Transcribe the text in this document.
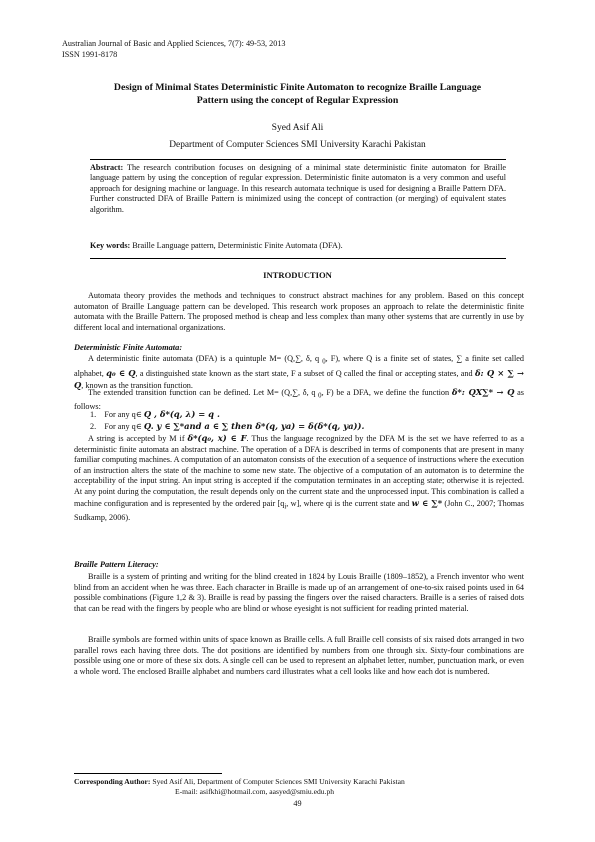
Australian Journal of Basic and Applied Sciences, 7(7): 49-53, 2013
ISSN 1991-8178
Design of Minimal States Deterministic Finite Automaton to recognize Braille Language
Pattern using the concept of Regular Expression
Syed Asif Ali
Department of Computer Sciences SMI University Karachi Pakistan
Abstract: The research contribution focuses on designing of a minimal state deterministic finite automaton for Braille language pattern by using the conception of regular expression. Deterministic finite automaton is a very common and useful approach for designing machine or language. In this research automata technique is used for designing a Braille Pattern DFA. Further constructed DFA of Braille Pattern is minimized using the concept of contraction (or merging) of equivalent states algorithm.
Key words: Braille Language pattern, Deterministic Finite Automata (DFA).
INTRODUCTION
Automata theory provides the methods and techniques to construct abstract machines for any problem. Based on this concept automaton of Braille Language pattern can be developed. This research work proposes an approach to relate the deterministic finite automata with the Braille Pattern. The proposed method is cheap and less complex than many other systems that are currently in use by different local and international organizations.
Deterministic Finite Automata:
A deterministic finite automata (DFA) is a quintuple M= (Q,∑, δ, q $_0$, F), where Q is a finite set of states, ∑ a finite set called alphabet, q₀ ∈ Q, a distinguished state known as the start state, F a subset of Q called the final or accepting states, and δ: Q × ∑ → Q, known as the transition function.
The extended transition function can be defined. Let M= (Q,∑, δ, q $_0$, F) be a DFA, we define the function δ*: QX∑* → Q as follows:
1. For any q∈ Q , δ*(q, λ) = q .
2. For any q∈ Q. y ∈ ∑*and a ∈ ∑ then δ*(q, ya) = δ(δ*(q, ya)).
A string is accepted by M if δ*(q₀, x) ∈ F. Thus the language recognized by the DFA M is the set we have referred to as a deterministic finite automata an abstract machine. The operation of a DFA is described in terms of components that are present in many familiar computing machines. A computation of an automaton consists of the execution of a sequence of instructions where the execution of an instruction alters the state of the machine to some new state. The objective of a computation of an automaton is to determine the acceptability of the input string. An input string is accepted if the computation terminates in an accepting state; otherwise it is rejected. At any point during the computation, the result depends only on the current state and the unprocessed input. This combination is called a machine configuration and is represented by the ordered pair [$q_i$, w], where qi is the current state and w ∈ ∑* (John C., 2007; Thomas Sudkamp, 2006).
Braille Pattern Literacy:
Braille is a system of printing and writing for the blind created in 1824 by Louis Braille (1809–1852), a French inventor who went blind from an accident when he was three. Each character in Braille is made up of an arrangement of one-to-six raised points used in 64 possible combinations (Figure 1,2 & 3). Braille is read by passing the fingers over the raised characters. Braille is a series of raised dots that can be read with the fingers by people who are blind or whose eyesight is not sufficient for reading printed material.
Braille symbols are formed within units of space known as Braille cells. A full Braille cell consists of six raised dots arranged in two parallel rows each having three dots. The dot positions are identified by numbers from one through six. Sixty-four combinations are possible using one or more of these six dots. A single cell can be used to represent an alphabet letter, number, punctuation mark, or even a whole word. The enclosed Braille alphabet and numbers card illustrates what a cell looks like and how each dot is numbered.
Corresponding Author: Syed Asif Ali, Department of Computer Sciences SMI University Karachi Pakistan
E-mail: asifkhi@hotmail.com, aasyed@smiu.edu.ph
49
